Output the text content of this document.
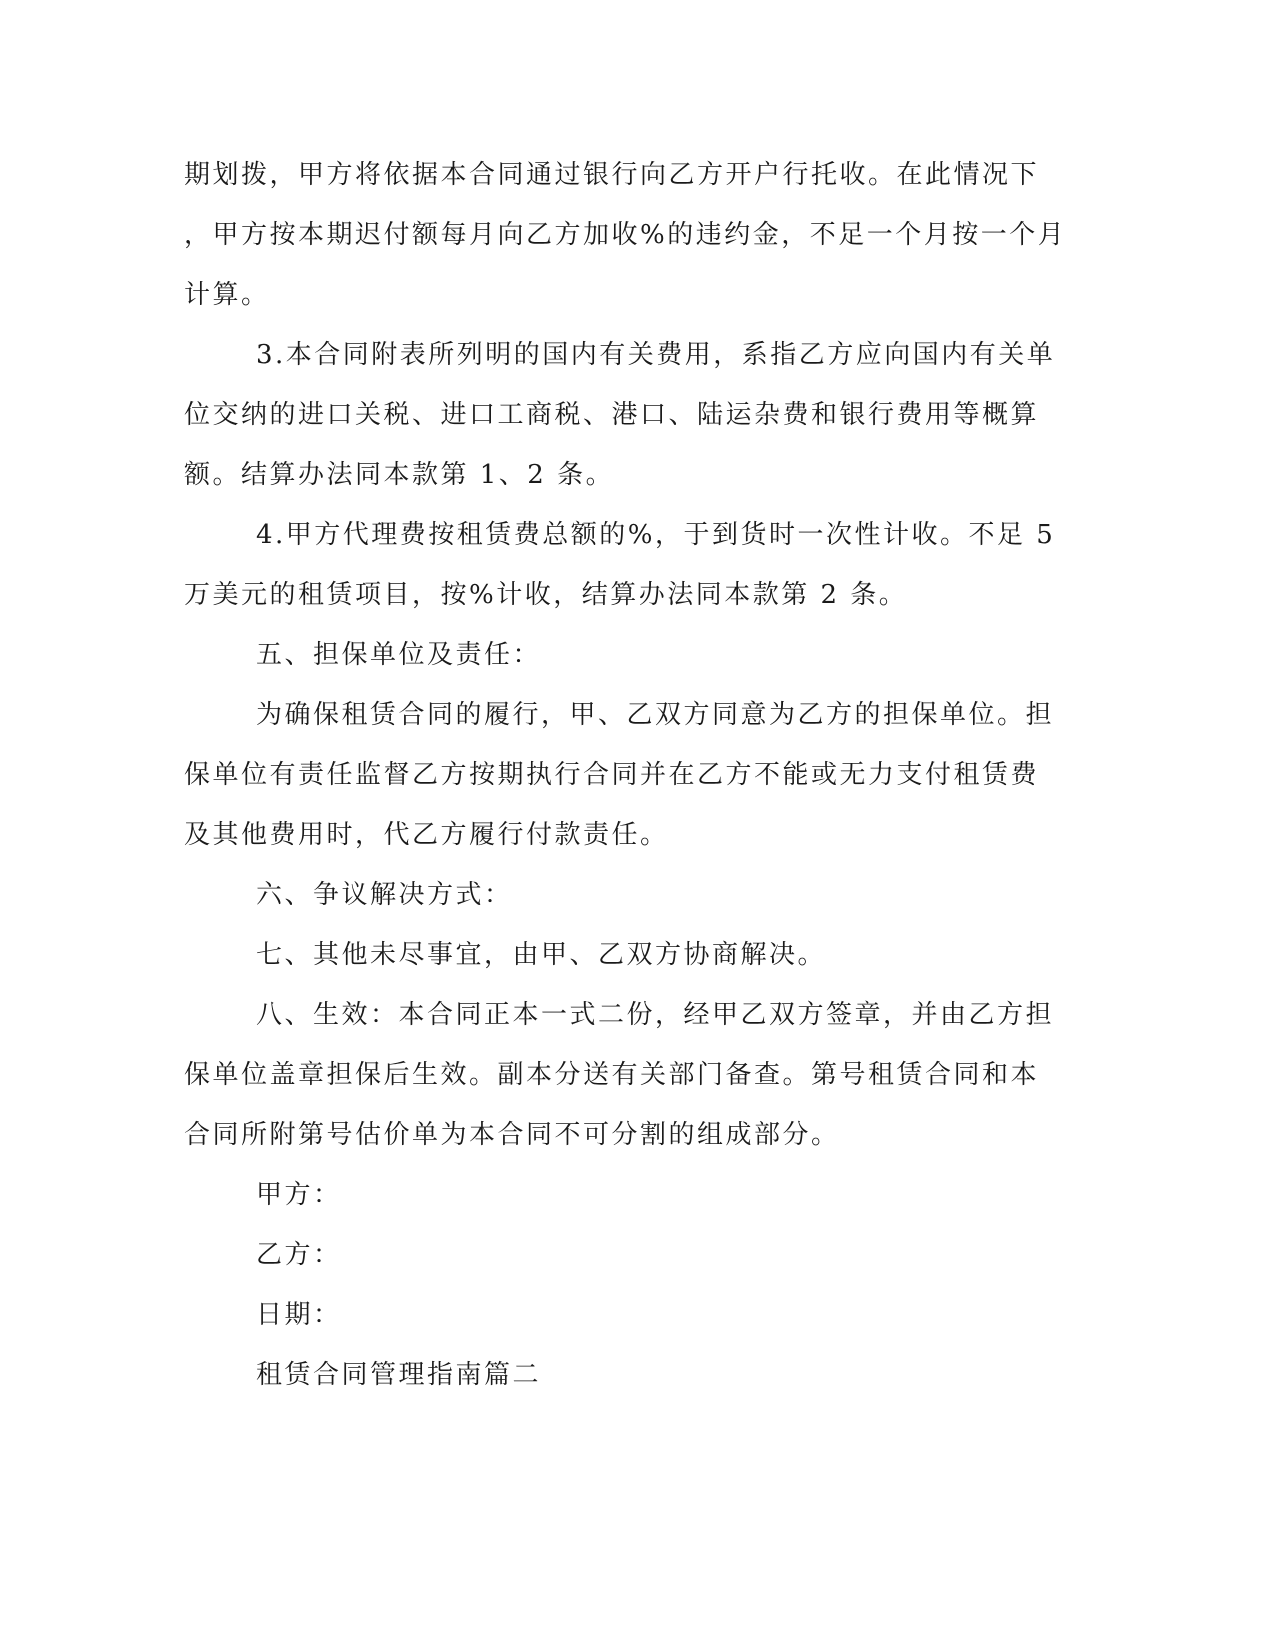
期划拨，甲方将依据本合同通过银行向乙方开户行托收。在此情况下
，甲方按本期迟付额每月向乙方加收%的违约金，不足一个月按一个月
计算。
3.本合同附表所列明的国内有关费用，系指乙方应向国内有关单
位交纳的进口关税、进口工商税、港口、陆运杂费和银行费用等概算
额。结算办法同本款第 1、2 条。
4.甲方代理费按租赁费总额的%，于到货时一次性计收。不足 5
万美元的租赁项目，按%计收，结算办法同本款第 2 条。
五、担保单位及责任：
为确保租赁合同的履行，甲、乙双方同意为乙方的担保单位。担
保单位有责任监督乙方按期执行合同并在乙方不能或无力支付租赁费
及其他费用时，代乙方履行付款责任。
六、争议解决方式：
七、其他未尽事宜，由甲、乙双方协商解决。
八、生效：本合同正本一式二份，经甲乙双方签章，并由乙方担
保单位盖章担保后生效。副本分送有关部门备查。第号租赁合同和本
合同所附第号估价单为本合同不可分割的组成部分。
甲方：
乙方：
日期：
租赁合同管理指南篇二
